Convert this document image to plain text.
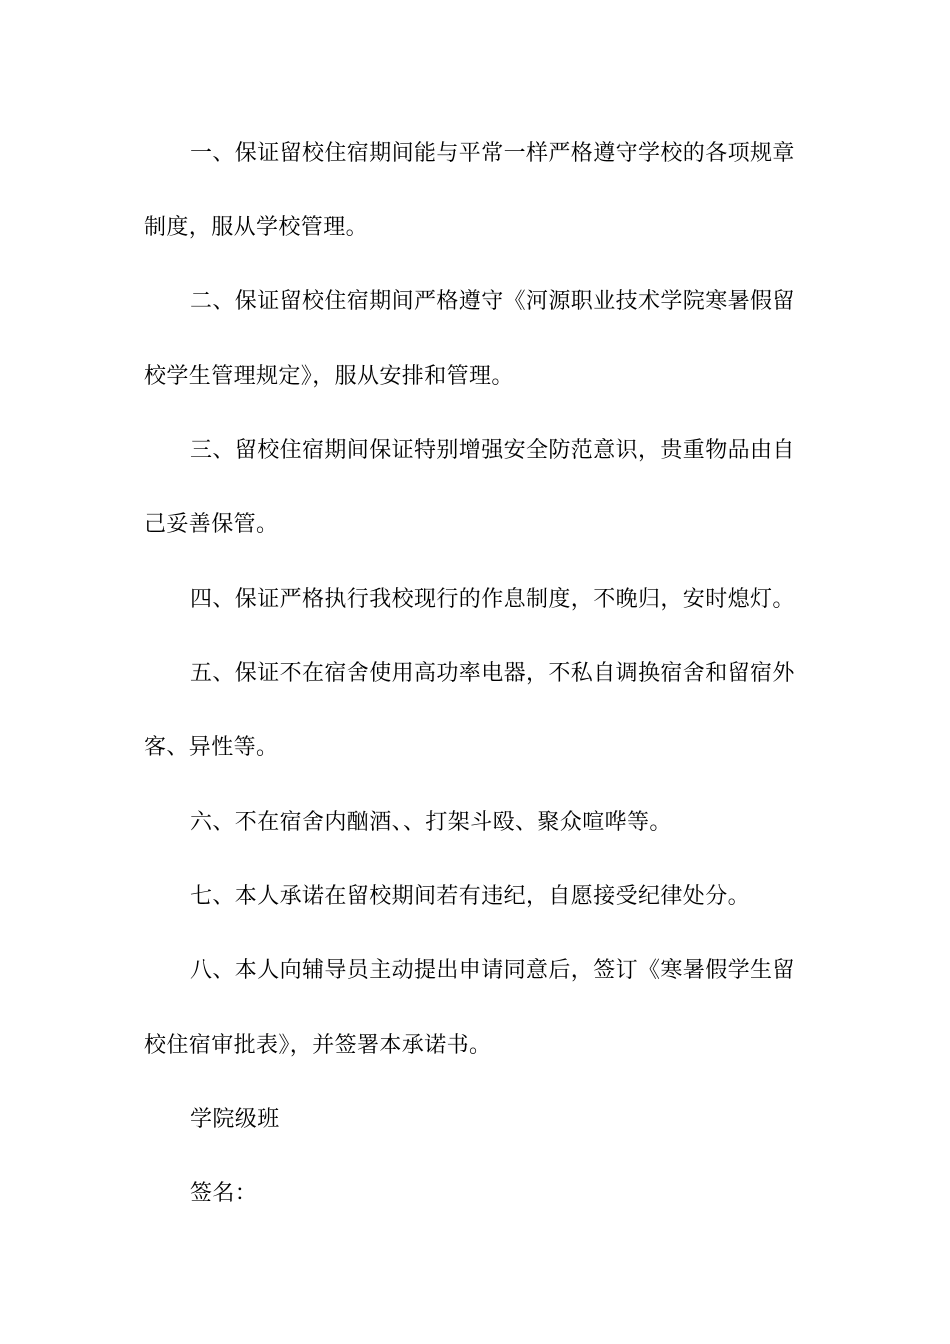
一、保证留校住宿期间能与平常一样严格遵守学校的各项规章
制度，服从学校管理。
二、保证留校住宿期间严格遵守《河源职业技术学院寒暑假留
校学生管理规定》，服从安排和管理。
三、留校住宿期间保证特别增强安全防范意识，贵重物品由自
己妥善保管。
四、保证严格执行我校现行的作息制度，不晚归，安时熄灯。
五、保证不在宿舍使用高功率电器，不私自调换宿舍和留宿外
客、异性等。
六、不在宿舍内酗酒、、打架斗殴、聚众喧哗等。
七、本人承诺在留校期间若有违纪，自愿接受纪律处分。
八、本人向辅导员主动提出申请同意后，签订《寒暑假学生留
校住宿审批表》，并签署本承诺书。
学院级班
签名：
